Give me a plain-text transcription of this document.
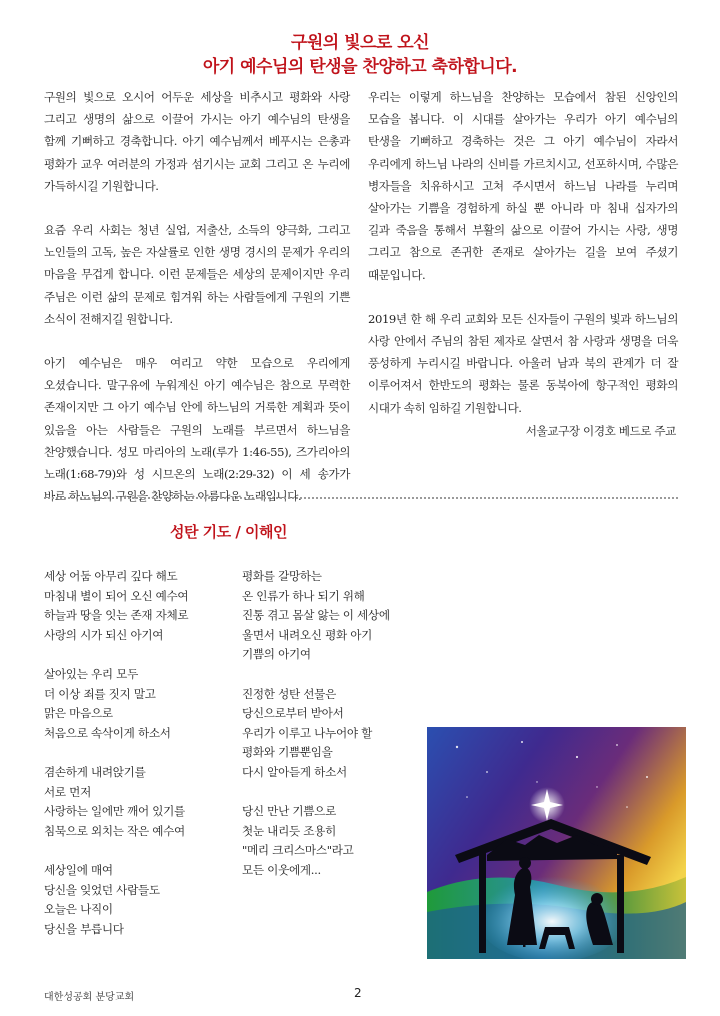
구원의 빛으로 오신
아기 예수님의 탄생을 찬양하고 축하합니다.

구원의 빛으로 오시어 어두운 세상을 비추시고 평화와 사랑 그리고 생명의 삶으로 이끌어 가시는 아기 예수님의 탄생을 함께 기뻐하고 경축합니다. 아기 예수님께서 베푸시는 은총과 평화가 교우 여러분의 가정과 섬기시는 교회 그리고 온 누리에 가득하시길 기원합니다.

요즘 우리 사회는 청년 실업, 저출산, 소득의 양극화, 그리고 노인들의 고독, 높은 자살률로 인한 생명 경시의 문제가 우리의 마음을 무겁게 합니다. 이런 문제들은 세상의 문제이지만 우리 주님은 이런 삶의 문제로 힘겨워 하는 사람들에게 구원의 기쁜 소식이 전해지길 원합니다.

아기 예수님은 매우 여리고 약한 모습으로 우리에게 오셨습니다. 말구유에 누워계신 아기 예수님은 참으로 무력한 존재이지만 그 아기 예수님 안에 하느님의 거룩한 계획과 뜻이 있음을 아는 사람들은 구원의 노래를 부르면서 하느님을 찬양했습니다. 성모 마리아의 노래(루가 1:46-55), 즈가리아의 노래(1:68-79)와 성 시므온의 노래(2:29-32) 이 세 송가가 바로 하느님의 구원을 찬양하는 아름다운 노래입니다.

우리는 이렇게 하느님을 찬양하는 모습에서 참된 신앙인의 모습을 봅니다. 이 시대를 살아가는 우리가 아기 예수님의 탄생을 기뻐하고 경축하는 것은 그 아기 예수님이 자라서 우리에게 하느님 나라의 신비를 가르치시고, 선포하시며, 수많은 병자들을 치유하시고 고쳐 주시면서 하느님 나라를 누리며 살아가는 기쁨을 경험하게 하실 뿐 아니라 마 침내 십자가의 길과 죽음을 통해서 부활의 삶으로 이끌어 가시는 사랑, 생명 그리고 참으로 존귀한 존재로 살아가는 길을 보여 주셨기 때문입니다.

2019년 한 해 우리 교회와 모든 신자들이 구원의 빛과 하느님의 사랑 안에서 주님의 참된 제자로 살면서 참 사랑과 생명을 더욱 풍성하게 누리시길 바랍니다. 아울러 남과 북의 관계가 더 잘 이루어져서 한반도의 평화는 물론 동북아에 항구적인 평화의 시대가 속히 임하길 기원합니다.

서울교구장 이경호 베드로 주교
성탄 기도 / 이해인
세상 어둠 아무리 깊다 해도
마침내 별이 되어 오신 예수여
하늘과 땅을 잇는 존재 자체로
사랑의 시가 되신 아기여
살아있는 우리 모두
더 이상 죄를 짓지 말고
맑은 마음으로
처음으로 속삭이게 하소서
겸손하게 내려앉기를
서로 먼저
사랑하는 일에만 깨어 있기를
침묵으로 외치는 작은 예수여
세상일에 매여
당신을 잊었던 사람들도
오늘은 나직이
당신을 부릅니다
평화를 갈망하는
온 인류가 하나 되기 위해
진통 겪고 몸살 앓는 이 세상에
울면서 내려오신 평화 아기
기쁨의 아기여
진정한 성탄 선물은
당신으로부터 받아서
우리가 이루고 나누어야 할
평화와 기쁨뿐임을
다시 알아듣게 하소서
당신 만난 기쁨으로
첫눈 내리듯 조용히
"메리 크리스마스"라고
모든 이웃에게...
대한성공회 분당교회	2
